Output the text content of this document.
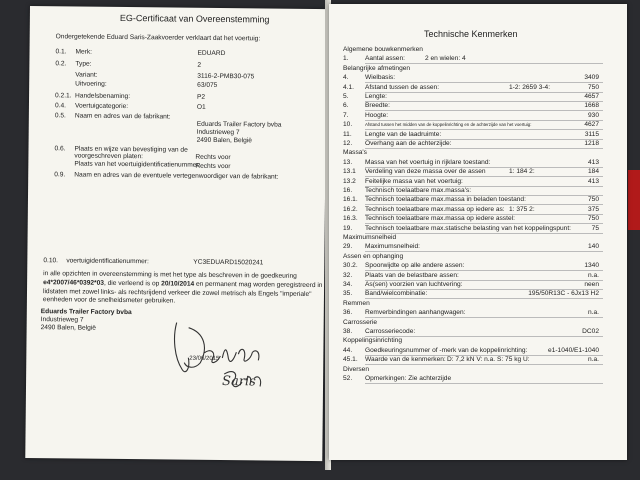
EG-Certificaat van Overeenstemming
Ondergetekende Eduard Saris-Zaakvoerder verklaart dat het voertuig:
0.1. Merk:	EDUARD
0.2. Type:	2
Variant:	3116-2-PMB30-075
Uitvoering:	63/075
0.2.1. Handelsbenaming:	P2
0.4. Voertuigcategorie:	O1
0.5. Naam en adres van de fabrikant:
Eduards Trailer Factory bvba
Industrieweg 7
2490 Balen, België
0.6. Plaats en wijze van bevestiging van de
voorgeschreven platen:	Rechts voor
Plaats van het voertuigidentificatienummer:
Rechts voor
0.9. Naam en adres van de eventuele vertegenwoordiger van de fabrikant:
0.10. voertuigidentificatienummer:	YC3EDUARD15020241
in alle opzichten in overeenstemming is met het type als beschreven in de goedkeuring
e4*2007/46*0392*03, die verleend is op 20/10/2014 en permanent mag worden geregistreerd in
lidstaten met zowel links- als rechtsrijdend verkeer die zowel metrisch als Engels "imperiale"
eenheden voor de snelheidsmeter gebruiken.
Eduards Trailer Factory bvba
Industrieweg 7
2490 Balen, België
23/06/2015
Saris
Technische Kenmerken
Algemene bouwkenmerken
1.	Aantal assen:	2 en wielen: 4
Belangrijke afmetingen
4.	Wielbasis:	3409
4.1. Afstand tussen de assen:	1-2: 2659 3-4:	750
5.	Lengte:	4657
6.	Breedte:	1668
7.	Hoogte:	930
10.	Afstand tussen het midden van de koppelinrichting en de achterzijde van het voertuig:	4627
11. Lengte van de laadruimte:	3115
12. Overhang aan de achterzijde:	1218
Massa's
13. Massa van het voertuig in rijklare toestand:	413
13.1 Verdeling van deze massa over de assen	1: 184 2:	184
13.2 Feitelijke massa van het voertuig:	413
16. Technisch toelaatbare max.massa's:
16.1. Technisch toelaatbare max.massa in beladen toestand:	750
16.2. Technisch toelaatbare max.massa op iedere as: 1: 375 2:	375
16.3. Technisch toelaatbare max.massa op iedere asstel:	750
19. Technisch toelaatbare max.statische belasting van het koppelingspunt:	75
Maximumsnelheid
29. Maximumsnelheid:	140
Assen en ophanging
30.2. Spoorwijdte op alle andere assen:	1340
32. Plaats van de belastbare assen:	n.a.
34. As(sen) voorzien van luchtvering:	neen
35. Band/wielcombinatie:	195/50R13C - 6Jx13 H2
Remmen
36. Remverbindingen aanhangwagen:	n.a.
Carrosserie
38. Carrosseriecode:	DC02
Koppelingsinrichting
44. Goedkeuringsnummer of -merk van de koppelinrichting:	e1-1040/E1-1040
45.1. Waarde van de kenmerken: D: 7,2 kN V: n.a. S: 75 kg U:	n.a.
Diversen
52. Opmerkingen: Zie achterzijde
